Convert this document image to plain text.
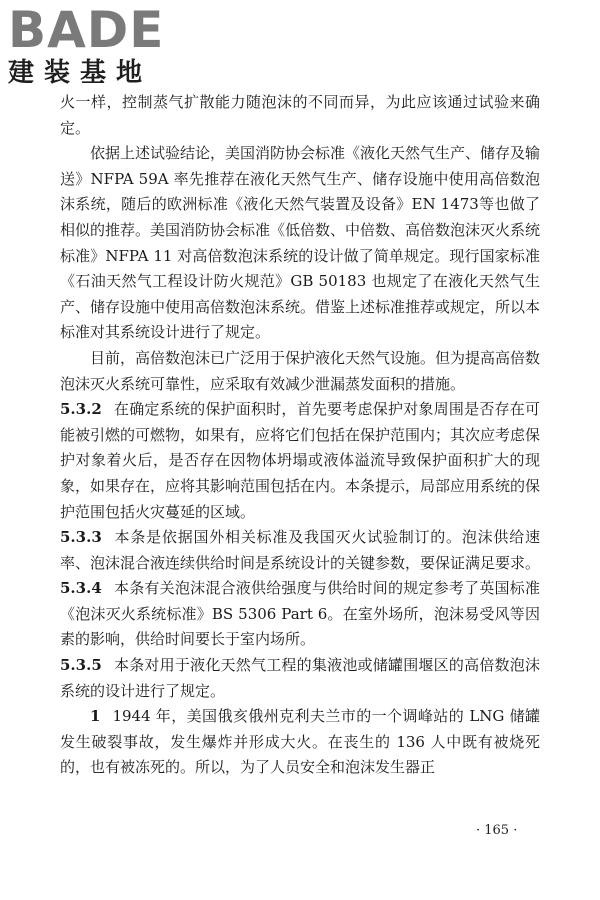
BADE
建装基地

火一样，控制蒸气扩散能力随泡沫的不同而异，为此应该通过试验来确定。

依据上述试验结论，美国消防协会标准《液化天然气生产、储存及输送》NFPA 59A 率先推荐在液化天然气生产、储存设施中使用高倍数泡沫系统，随后的欧洲标准《液化天然气装置及设备》EN 1473等也做了相似的推荐。美国消防协会标准《低倍数、中倍数、高倍数泡沫灭火系统标准》NFPA 11 对高倍数泡沫系统的设计做了简单规定。现行国家标准《石油天然气工程设计防火规范》GB 50183 也规定了在液化天然气生产、储存设施中使用高倍数泡沫系统。借鉴上述标准推荐或规定，所以本标准对其系统设计进行了规定。

目前，高倍数泡沫已广泛用于保护液化天然气设施。但为提高高倍数泡沫灭火系统可靠性，应采取有效减少泄漏蒸发面积的措施。

5.3.2 在确定系统的保护面积时，首先要考虑保护对象周围是否存在可能被引燃的可燃物，如果有，应将它们包括在保护范围内；其次应考虑保护对象着火后，是否存在因物体坍塌或液体溢流导致保护面积扩大的现象，如果存在，应将其影响范围包括在内。本条提示，局部应用系统的保护范围包括火灾蔓延的区域。

5.3.3 本条是依据国外相关标准及我国灭火试验制订的。泡沫供给速率、泡沫混合液连续供给时间是系统设计的关键参数，要保证满足要求。

5.3.4 本条有关泡沫混合液供给强度与供给时间的规定参考了英国标准《泡沫灭火系统标准》BS 5306 Part 6。在室外场所，泡沫易受风等因素的影响，供给时间要长于室内场所。

5.3.5 本条对用于液化天然气工程的集液池或储罐围堰区的高倍数泡沫系统的设计进行了规定。

1 1944 年，美国俄亥俄州克利夫兰市的一个调峰站的 LNG 储罐发生破裂事故，发生爆炸并形成大火。在丧生的 136 人中既有被烧死的，也有被冻死的。所以，为了人员安全和泡沫发生器正

· 165 ·
